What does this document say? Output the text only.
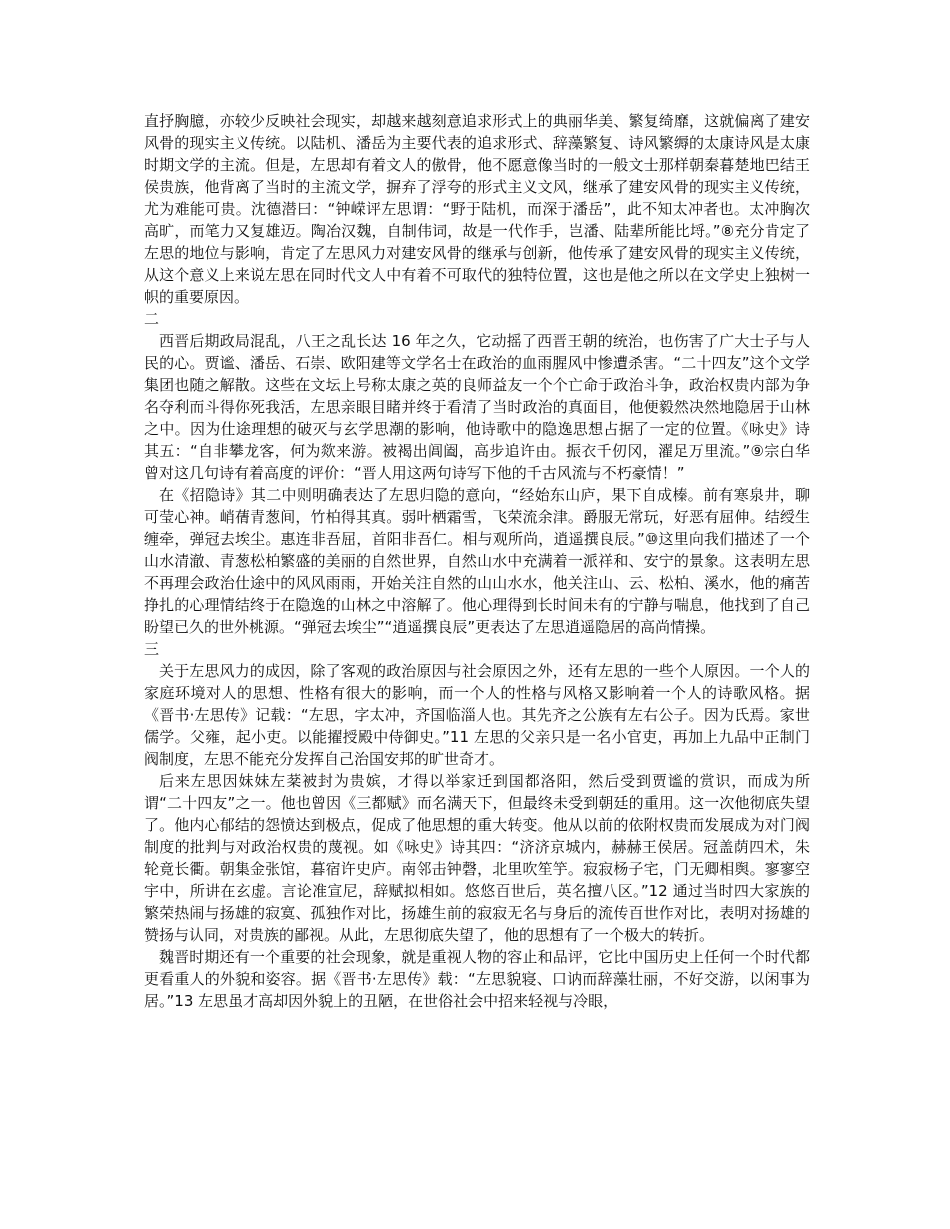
直抒胸臆，亦较少反映社会现实，却越来越刻意追求形式上的典丽华美、繁复绮靡，这就偏离了建安风骨的现实主义传统。以陆机、潘岳为主要代表的追求形式、辞藻繁复、诗风繁缛的太康诗风是太康时期文学的主流。但是，左思却有着文人的傲骨，他不愿意像当时的一般文士那样朝秦暮楚地巴结王侯贵族，他背离了当时的主流文学，摒弃了浮夸的形式主义文风，继承了建安风骨的现实主义传统，尤为难能可贵。沈德潜曰：“钟嵘评左思谓：“野于陆机，而深于潘岳”，此不知太冲者也。太冲胸次高旷，而笔力又复雄迈。陶冶汉魏，自制伟词，故是一代作手，岂潘、陆辈所能比埒。”⑧充分肯定了左思的地位与影响，肯定了左思风力对建安风骨的继承与创新，他传承了建安风骨的现实主义传统，从这个意义上来说左思在同时代文人中有着不可取代的独特位置，这也是他之所以在文学史上独树一帜的重要原因。

二

西晋后期政局混乱，八王之乱长达 16 年之久，它动摇了西晋王朝的统治，也伤害了广大士子与人民的心。贾谧、潘岳、石崇、欧阳建等文学名士在政治的血雨腥风中惨遭杀害。“二十四友”这个文学集团也随之解散。这些在文坛上号称太康之英的良师益友一个个亡命于政治斗争，政治权贵内部为争名夺利而斗得你死我活，左思亲眼目睹并终于看清了当时政治的真面目，他便毅然决然地隐居于山林之中。因为仕途理想的破灭与玄学思潮的影响，他诗歌中的隐逸思想占据了一定的位置。《咏史》诗其五：“自非攀龙客，何为欻来游。被褐出阊阖，高步追许由。振衣千仞冈，濯足万里流。”⑨宗白华曾对这几句诗有着高度的评价：“晋人用这两句诗写下他的千古风流与不朽豪情！”

在《招隐诗》其二中则明确表达了左思归隐的意向，“经始东山庐，果下自成榛。前有寒泉井，聊可莹心神。峭蒨青葱间，竹柏得其真。弱叶栖霜雪，飞荣流余津。爵服无常玩，好恶有屈伸。结绶生缠牵，弹冠去埃尘。惠连非吾屈，首阳非吾仁。相与观所尚，逍遥撰良辰。”⑩这里向我们描述了一个山水清澈、青葱松柏繁盛的美丽的自然世界，自然山水中充满着一派祥和、安宁的景象。这表明左思不再理会政治仕途中的风风雨雨，开始关注自然的山山水水，他关注山、云、松柏、溪水，他的痛苦挣扎的心理情结终于在隐逸的山林之中溶解了。他心理得到长时间未有的宁静与喘息，他找到了自己盼望已久的世外桃源。“弹冠去埃尘”“逍遥撰良辰”更表达了左思逍遥隐居的高尚情操。

三

关于左思风力的成因，除了客观的政治原因与社会原因之外，还有左思的一些个人原因。一个人的家庭环境对人的思想、性格有很大的影响，而一个人的性格与风格又影响着一个人的诗歌风格。据《晋书·左思传》记载：“左思，字太冲，齐国临淄人也。其先齐之公族有左右公子。因为氏焉。家世儒学。父雍，起小吏。以能擢授殿中侍御史。”11 左思的父亲只是一名小官吏，再加上九品中正制门阀制度，左思不能充分发挥自己治国安邦的旷世奇才。

后来左思因妹妹左棻被封为贵嫔，才得以举家迁到国都洛阳，然后受到贾谧的赏识，而成为所谓“二十四友”之一。他也曾因《三都赋》而名满天下，但最终未受到朝廷的重用。这一次他彻底失望了。他内心郁结的怨愤达到极点，促成了他思想的重大转变。他从以前的依附权贵而发展成为对门阀制度的批判与对政治权贵的蔑视。如《咏史》诗其四：“济济京城内，赫赫王侯居。冠盖荫四术，朱轮竟长衢。朝集金张馆，暮宿许史庐。南邻击钟磬，北里吹笙竽。寂寂杨子宅，门无卿相舆。寥寥空宇中，所讲在玄虚。言论准宣尼，辞赋拟相如。悠悠百世后，英名擅八区。”12 通过当时四大家族的繁荣热闹与扬雄的寂寞、孤独作对比，扬雄生前的寂寂无名与身后的流传百世作对比，表明对扬雄的赞扬与认同，对贵族的鄙视。从此，左思彻底失望了，他的思想有了一个极大的转折。

魏晋时期还有一个重要的社会现象，就是重视人物的容止和品评，它比中国历史上任何一个时代都更看重人的外貌和姿容。据《晋书·左思传》载：“左思貌寝、口讷而辞藻壮丽，不好交游，以闲事为居。”13 左思虽才高却因外貌上的丑陋，在世俗社会中招来轻视与冷眼，
